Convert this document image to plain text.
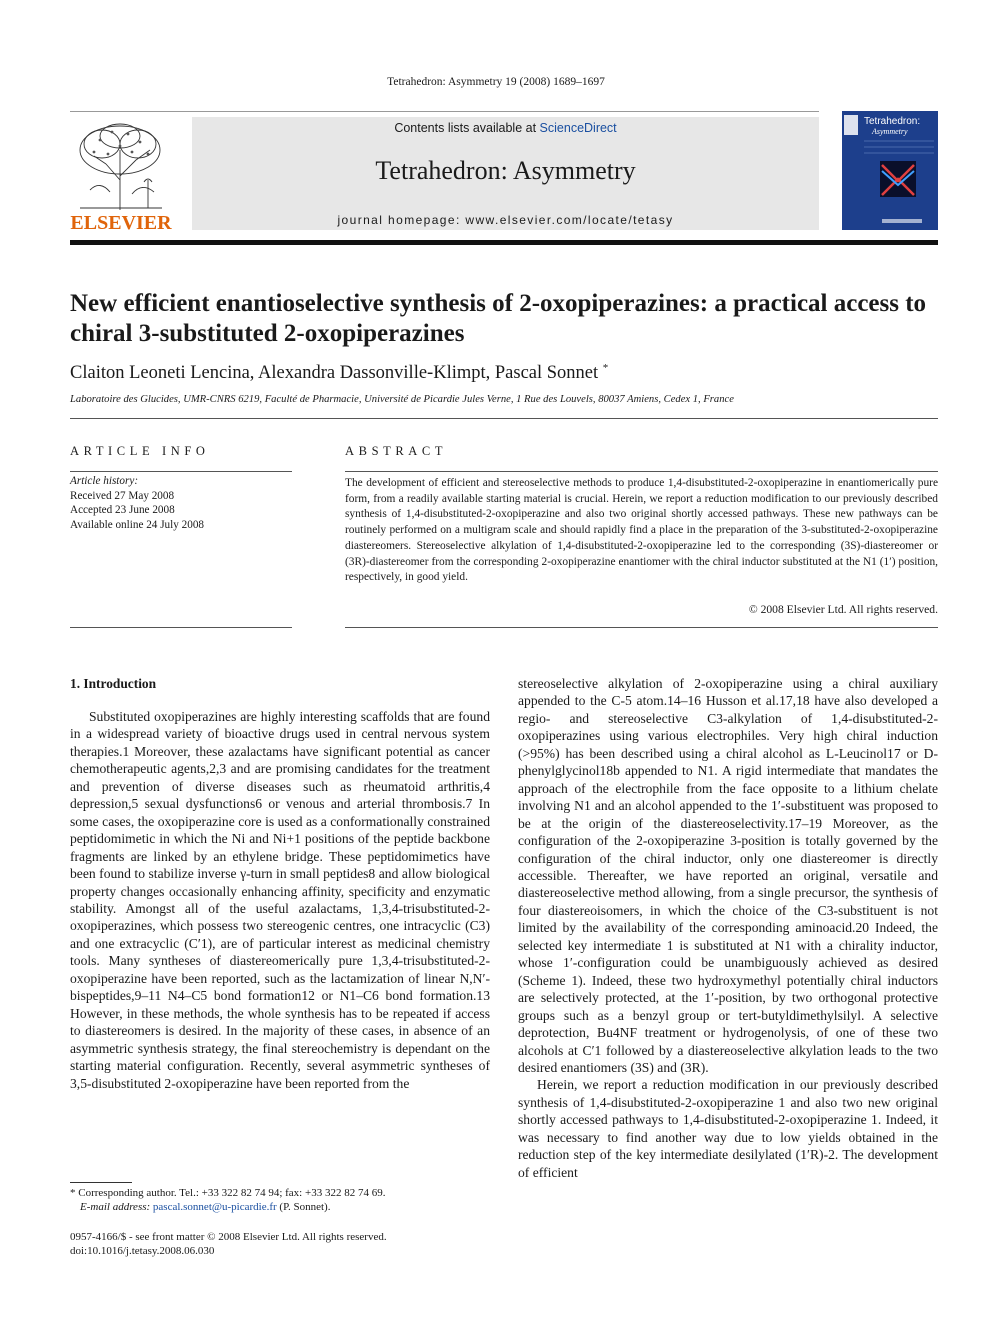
Tetrahedron: Asymmetry 19 (2008) 1689–1697
ELSEVIER
Contents lists available at ScienceDirect
Tetrahedron: Asymmetry
journal homepage: www.elsevier.com/locate/tetasy
Tetrahedron:
Asymmetry
New efficient enantioselective synthesis of 2-oxopiperazines: a practical access to chiral 3-substituted 2-oxopiperazines
Claiton Leoneti Lencina, Alexandra Dassonville-Klimpt, Pascal Sonnet *
Laboratoire des Glucides, UMR-CNRS 6219, Faculté de Pharmacie, Université de Picardie Jules Verne, 1 Rue des Louvels, 80037 Amiens, Cedex 1, France
ARTICLE INFO
Article history:
Received 27 May 2008
Accepted 23 June 2008
Available online 24 July 2008
ABSTRACT
The development of efficient and stereoselective methods to produce 1,4-disubstituted-2-oxopiperazine in enantiomerically pure form, from a readily available starting material is crucial. Herein, we report a reduction modification to our previously described synthesis of 1,4-disubstituted-2-oxopiperazine and also two original shortly accessed pathways. These new pathways can be routinely performed on a multigram scale and should rapidly find a place in the preparation of the 3-substituted-2-oxopiperazine diastereomers. Stereoselective alkylation of 1,4-disubstituted-2-oxopiperazine led to the corresponding (3S)-diastereomer or (3R)-diastereomer from the corresponding 2-oxopiperazine enantiomer with the chiral inductor substituted at the N1 (1′) position, respectively, in good yield.
© 2008 Elsevier Ltd. All rights reserved.
1. Introduction

Substituted oxopiperazines are highly interesting scaffolds that are found in a widespread variety of bioactive drugs used in central nervous system therapies.1 Moreover, these azalactams have significant potential as cancer chemotherapeutic agents,2,3 and are promising candidates for the treatment and prevention of diverse diseases such as rheumatoid arthritis,4 depression,5 sexual dysfunctions6 or venous and arterial thrombosis.7 In some cases, the oxopiperazine core is used as a conformationally constrained peptidomimetic in which the Ni and Ni+1 positions of the peptide backbone fragments are linked by an ethylene bridge. These peptidomimetics have been found to stabilize inverse γ-turn in small peptides8 and allow biological property changes occasionally enhancing affinity, specificity and enzymatic stability. Amongst all of the useful azalactams, 1,3,4-trisubstituted-2-oxopiperazines, which possess two stereogenic centres, one intracyclic (C3) and one extracyclic (C′1), are of particular interest as medicinal chemistry tools. Many syntheses of diastereomerically pure 1,3,4-trisubstituted-2-oxopiperazine have been reported, such as the lactamization of linear N,N′-bispeptides,9–11 N4–C5 bond formation12 or N1–C6 bond formation.13 However, in these methods, the whole synthesis has to be repeated if access to diastereomers is desired. In the majority of these cases, in absence of an asymmetric synthesis strategy, the final stereochemistry is dependant on the starting material configuration. Recently, several asymmetric syntheses of 3,5-disubstituted 2-oxopiperazine have been reported from the

stereoselective alkylation of 2-oxopiperazine using a chiral auxiliary appended to the C-5 atom.14–16 Husson et al.17,18 have also developed a regio- and stereoselective C3-alkylation of 1,4-disubstituted-2-oxopiperazines using various electrophiles. Very high chiral induction (>95%) has been described using a chiral alcohol as L-Leucinol17 or D-phenylglycinol18b appended to N1. A rigid intermediate that mandates the approach of the electrophile from the face opposite to a lithium chelate involving N1 and an alcohol appended to the 1′-substituent was proposed to be at the origin of the diastereoselectivity.17–19 Moreover, as the configuration of the 2-oxopiperazine 3-position is totally governed by the configuration of the chiral inductor, only one diastereomer is directly accessible. Thereafter, we have reported an original, versatile and diastereoselective method allowing, from a single precursor, the synthesis of four diastereoisomers, in which the choice of the C3-substituent is not limited by the availability of the corresponding aminoacid.20 Indeed, the selected key intermediate 1 is substituted at N1 with a chirality inductor, whose 1′-configuration could be unambiguously achieved as desired (Scheme 1). Indeed, these two hydroxymethyl potentially chiral inductors are selectively protected, at the 1′-position, by two orthogonal protective groups such as a benzyl group or tert-butyldimethylsilyl. A selective deprotection, Bu4NF treatment or hydrogenolysis, of one of these two alcohols at C′1 followed by a diastereoselective alkylation leads to the two desired enantiomers (3S) and (3R).

Herein, we report a reduction modification in our previously described synthesis of 1,4-disubstituted-2-oxopiperazine 1 and also two new original shortly accessed pathways to 1,4-disubstituted-2-oxopiperazine 1. Indeed, it was necessary to find another way due to low yields obtained in the reduction step of the key intermediate desilylated (1′R)-2. The development of efficient

* Corresponding author. Tel.: +33 322 82 74 94; fax: +33 322 82 74 69.
E-mail address: pascal.sonnet@u-picardie.fr (P. Sonnet).
0957-4166/$ - see front matter © 2008 Elsevier Ltd. All rights reserved.
doi:10.1016/j.tetasy.2008.06.030
